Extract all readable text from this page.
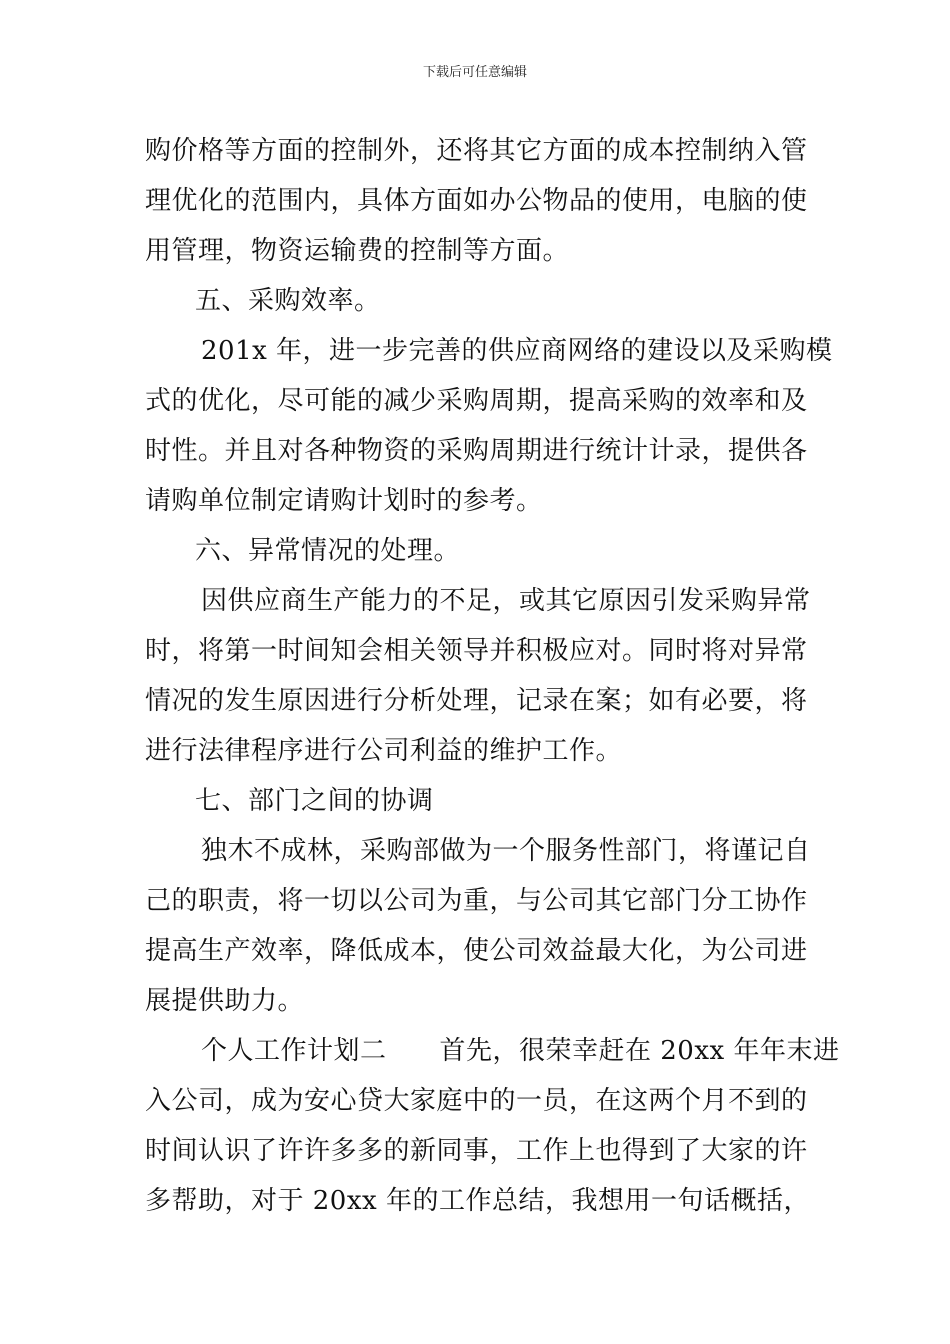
下载后可任意编辑
购价格等方面的控制外，还将其它方面的成本控制纳入管
理优化的范围内，具体方面如办公物品的使用，电脑的使
用管理，物资运输费的控制等方面。
五、采购效率。
201x 年，进一步完善的供应商网络的建设以及采购模
式的优化，尽可能的减少采购周期，提高采购的效率和及
时性。并且对各种物资的采购周期进行统计计录，提供各
请购单位制定请购计划时的参考。
六、异常情况的处理。
因供应商生产能力的不足，或其它原因引发采购异常
时，将第一时间知会相关领导并积极应对。同时将对异常
情况的发生原因进行分析处理，记录在案；如有必要，将
进行法律程序进行公司利益的维护工作。
七、部门之间的协调
独木不成林，采购部做为一个服务性部门，将谨记自
己的职责，将一切以公司为重，与公司其它部门分工协作
提高生产效率，降低成本，使公司效益最大化，为公司进
展提供助力。
个人工作计划二　　首先，很荣幸赶在 20xx 年年末进
入公司，成为安心贷大家庭中的一员，在这两个月不到的
时间认识了许许多多的新同事，工作上也得到了大家的许
多帮助，对于 20xx 年的工作总结，我想用一句话概括，
